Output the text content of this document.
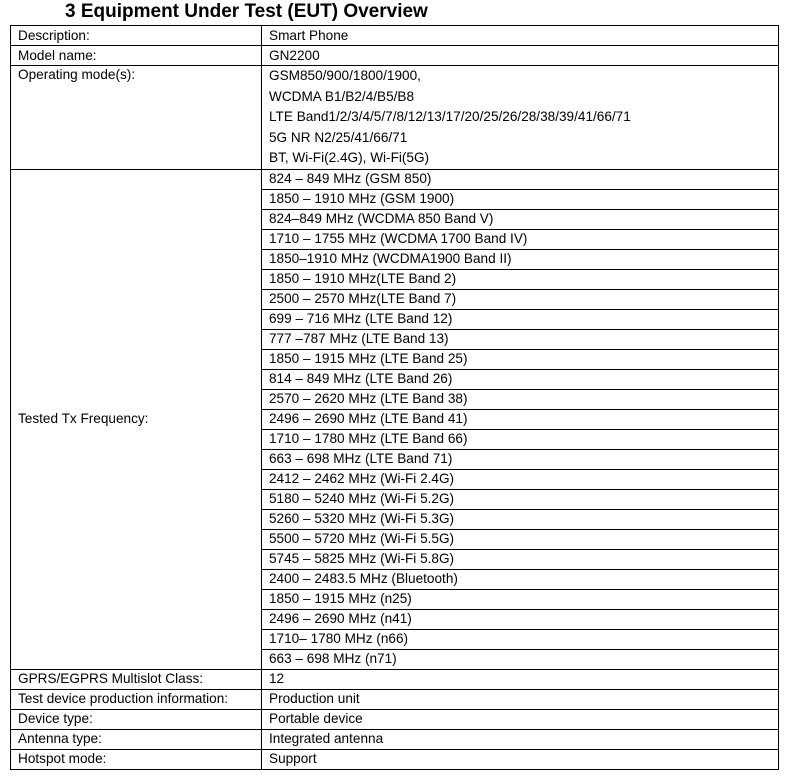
3 Equipment Under Test (EUT) Overview
Description:	Smart Phone
Model name:	GN2200
Operating mode(s):	GSM850/900/1800/1900,
WCDMA B1/B2/4/B5/B8
LTE Band1/2/3/4/5/7/8/12/13/17/20/25/26/28/38/39/41/66/71
5G NR N2/25/41/66/71
BT, Wi-Fi(2.4G), Wi-Fi(5G)

Tested Tx Frequency:	824 – 849 MHz (GSM 850)
	1850 – 1910 MHz (GSM 1900)
	824–849 MHz (WCDMA 850 Band V)
	1710 – 1755 MHz (WCDMA 1700 Band IV)
	1850–1910 MHz (WCDMA1900 Band II)
	1850 – 1910 MHz(LTE Band 2)
	2500 – 2570 MHz(LTE Band 7)
	699 – 716 MHz (LTE Band 12)
	777 –787 MHz (LTE Band 13)
	1850 – 1915 MHz (LTE Band 25)
	814 – 849 MHz (LTE Band 26)
	2570 – 2620 MHz (LTE Band 38)
	2496 – 2690 MHz (LTE Band 41)
	1710 – 1780 MHz (LTE Band 66)
	663 – 698 MHz (LTE Band 71)
	2412 – 2462 MHz (Wi-Fi 2.4G)
	5180 – 5240 MHz (Wi-Fi 5.2G)
	5260 – 5320 MHz (Wi-Fi 5.3G)
	5500 – 5720 MHz (Wi-Fi 5.5G)
	5745 – 5825 MHz (Wi-Fi 5.8G)
	2400 – 2483.5 MHz (Bluetooth)
	1850 – 1915 MHz (n25)
	2496 – 2690 MHz (n41)
	1710– 1780 MHz (n66)
	663 – 698 MHz (n71)
GPRS/EGPRS Multislot Class:	12
Test device production information:	Production unit
Device type:	Portable device
Antenna type:	Integrated antenna
Hotspot mode:	Support
